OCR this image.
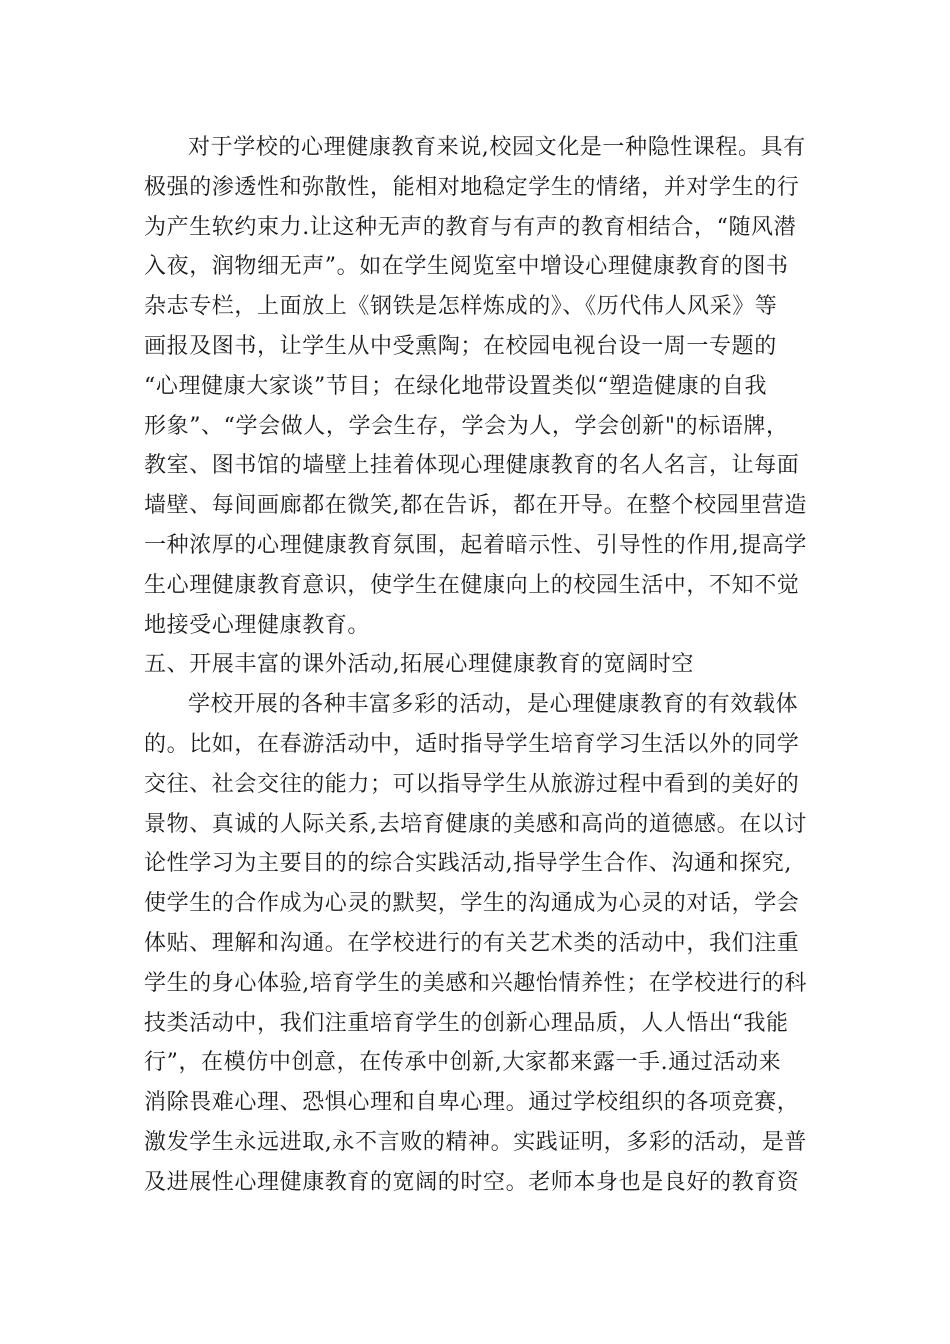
对于学校的心理健康教育来说,校园文化是一种隐性课程。具有
极强的渗透性和弥散性，能相对地稳定学生的情绪，并对学生的行
为产生软约束力.让这种无声的教育与有声的教育相结合，“随风潜
入夜，润物细无声”。如在学生阅览室中增设心理健康教育的图书
杂志专栏，上面放上《钢铁是怎样炼成的》、《历代伟人风采》等
画报及图书，让学生从中受熏陶；在校园电视台设一周一专题的
“心理健康大家谈”节目；在绿化地带设置类似“塑造健康的自我
形象”、“学会做人，学会生存，学会为人，学会创新"的标语牌，
教室、图书馆的墙壁上挂着体现心理健康教育的名人名言，让每面
墙壁、每间画廊都在微笑,都在告诉，都在开导。在整个校园里营造
一种浓厚的心理健康教育氛围，起着暗示性、引导性的作用,提高学
生心理健康教育意识，使学生在健康向上的校园生活中，不知不觉
地接受心理健康教育。
五、开展丰富的课外活动,拓展心理健康教育的宽阔时空
学校开展的各种丰富多彩的活动，是心理健康教育的有效载体
的。比如，在春游活动中，适时指导学生培育学习生活以外的同学
交往、社会交往的能力；可以指导学生从旅游过程中看到的美好的
景物、真诚的人际关系,去培育健康的美感和高尚的道德感。在以讨
论性学习为主要目的的综合实践活动,指导学生合作、沟通和探究,
使学生的合作成为心灵的默契，学生的沟通成为心灵的对话，学会
体贴、理解和沟通。在学校进行的有关艺术类的活动中，我们注重
学生的身心体验,培育学生的美感和兴趣怡情养性；在学校进行的科
技类活动中，我们注重培育学生的创新心理品质，人人悟出“我能
行”，在模仿中创意，在传承中创新,大家都来露一手.通过活动来
消除畏难心理、恐惧心理和自卑心理。通过学校组织的各项竞赛，
激发学生永远进取,永不言败的精神。实践证明，多彩的活动，是普
及进展性心理健康教育的宽阔的时空。老师本身也是良好的教育资
